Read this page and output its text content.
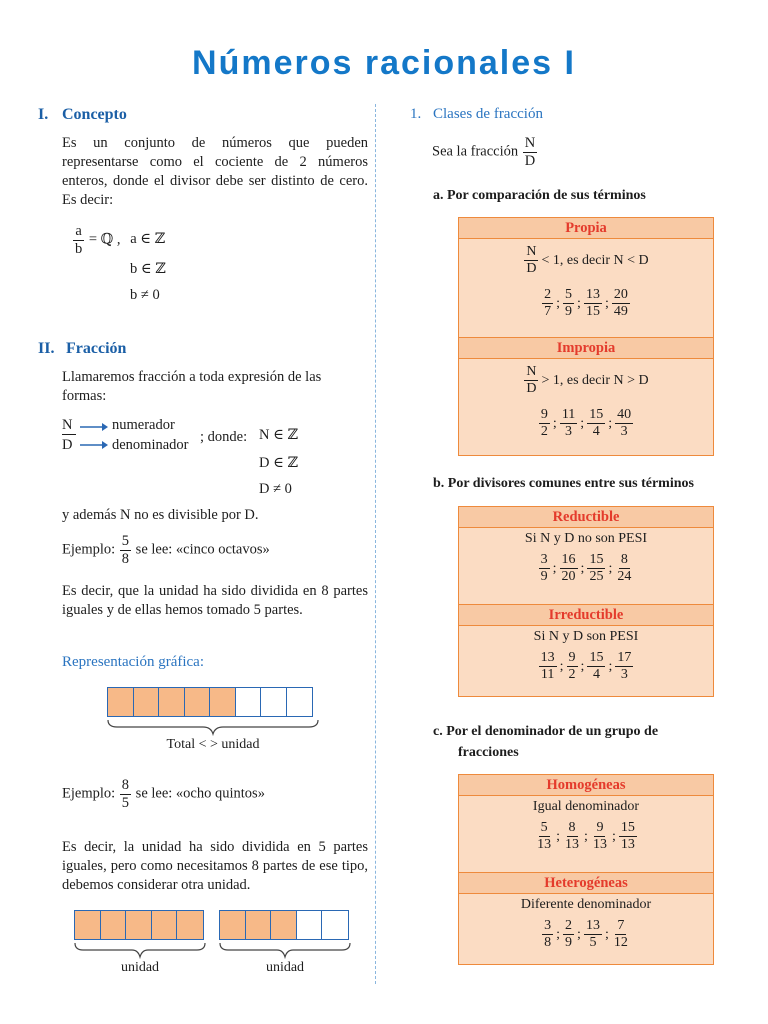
Números racionales I
I. Concepto

Es un conjunto de números que pueden representarse como el cociente de 2 números enteros, donde el divisor debe ser distinto de cero. Es decir:

$\frac{a}{b}$ = ℚ , a ∈ ℤ
b ∈ ℤ
b ≠ 0
II. Fracción

Llamaremos fracción a toda expresión de las formas:

N
D
numerador
denominador ; donde: N ∈ ℤ
D ∈ ℤ
D ≠ 0

y además N no es divisible por D.

Ejemplo: $\frac{5}{8}$ se lee: «cinco octavos»

Es decir, que la unidad ha sido dividida en 8 partes iguales y de ellas hemos tomado 5 partes.

Representación gráfica:
Total < > unidad
Ejemplo: $\frac{8}{5}$ se lee: «ocho quintos»

Es decir, la unidad ha sido dividida en 5 partes iguales, pero como necesitamos 8 partes de ese tipo, debemos considerar otra unidad.

unidad	unidad
1. Clases de fracción
Sea la fracción $\frac{N}{D}$
a. Por comparación de sus términos
Propia
$\frac{N}{D} < 1$, es decir N < D
$\frac{2}{7}$ ; $\frac{5}{9}$ ; $\frac{13}{15}$ ; $\frac{20}{49}$
Impropia
$\frac{N}{D} > 1$, es decir N > D
$\frac{9}{2}$ ; $\frac{11}{3}$ ; $\frac{15}{4}$ ; $\frac{40}{3}$
b. Por divisores comunes entre sus términos
Reductible
Si N y D no son PESI
$\frac{3}{9}$ ; $\frac{16}{20}$ ; $\frac{15}{25}$ ; $\frac{8}{24}$
Irreductible
Si N y D son PESI
$\frac{13}{11}$ ; $\frac{9}{2}$ ; $\frac{15}{4}$ ; $\frac{17}{3}$
c. Por el denominador de un grupo de
fracciones
Homogéneas
Igual denominador
$\frac{5}{13}$ ; $\frac{8}{13}$ ; $\frac{9}{13}$ ; $\frac{15}{13}$
Heterogéneas
Diferente denominador
$\frac{3}{8}$ ; $\frac{2}{9}$ ; $\frac{13}{5}$ ; $\frac{7}{12}$
